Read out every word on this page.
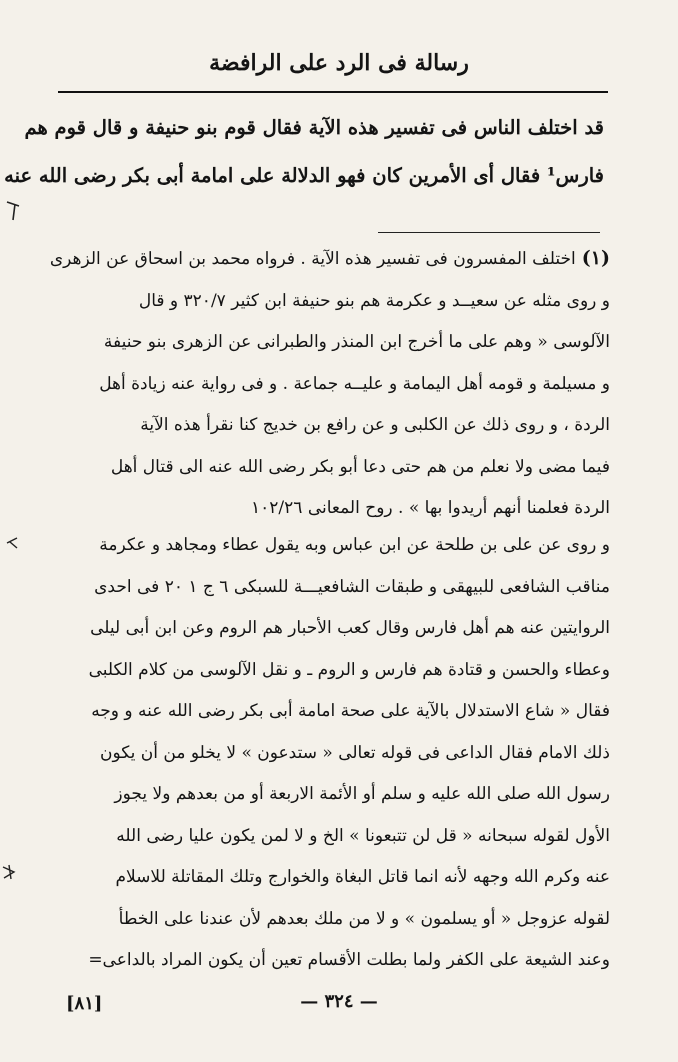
رسالة فى الرد على الرافضة
قد اختلف الناس فى تفسير هذه الآية فقال قوم بنو حنيفة و قال قوم هم
فارس¹ فقال أى الأمرين كان فهو الدلالة على امامة أبى بكر رضى الله عنه
(١)اختلف المفسرون فى تفسير هذه الآية . فرواه محمد بن اسحاق عن الزهرى
و روى مثله عن سعيــد و عكرمة هم بنو حنيفة ابن كثير ٣٢٠/٧ و قال
الآلوسى « وهم على ما أخرج ابن المنذر والطبرانى عن الزهرى بنو حنيفة
و مسيلمة و قومه أهل اليمامة و عليــه جماعة . و فى رواية عنه زيادة أهل
الردة ، و روى ذلك عن الكلبى و عن رافع بن خديج كنا نقرأ هذه الآية
فيما مضى ولا نعلم من هم حتى دعا أبو بكر رضى الله عنه الى قتال أهل
الردة فعلمنا أنهم أريدوا بها » . روح المعانى ١٠٢/٢٦
و روى عن على بن طلحة عن ابن عباس وبه يقول عطاء ومجاهد و عكرمة
مناقب الشافعى للبيهقى و طبقات الشافعيـــة للسبكى ٦ ج ١ ٢٠ فى احدى
الروايتين عنه هم أهل فارس وقال كعب الأحبار هم الروم وعن ابن أبى ليلى
وعطاء والحسن و قتادة هم فارس و الروم ـ و نقل الآلوسى من كلام الكلبى
فقال « شاع الاستدلال بالآية على صحة امامة أبى بكر رضى الله عنه و وجه
ذلك الامام فقال الداعى فى قوله تعالى « ستدعون » لا يخلو من أن يكون
رسول الله صلى الله عليه و سلم أو الأئمة الاربعة أو من بعدهم ولا يجوز
الأول لقوله سبحانه « قل لن تتبعونا » الخ و لا لمن يكون عليا رضى الله
عنه وكرم الله وجهه لأنه انما قاتل البغاة والخوارج وتلك المقاتلة للاسلام
لقوله عزوجل « أو يسلمون » و لا من ملك بعدهم لأن عندنا على الخطأ
وعند الشيعة على الكفر ولما بطلت الأقسام تعين أن يكون المراد بالداعى=
[٨١]	— ٣٢٤ —
